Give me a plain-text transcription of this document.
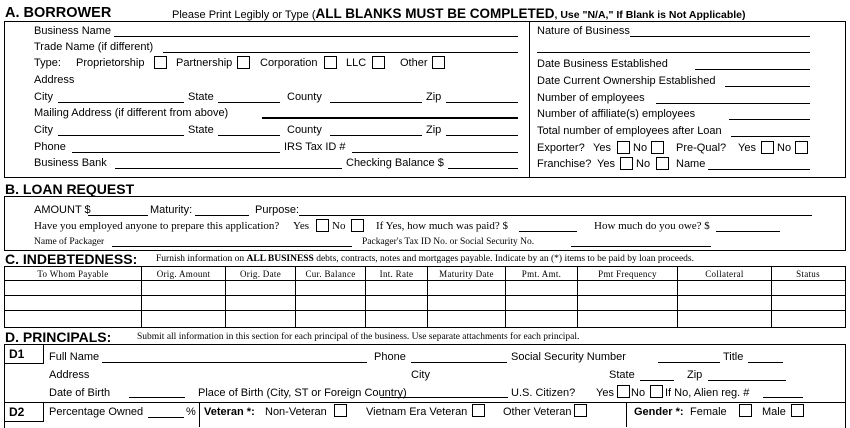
A. BORROWER	Please Print Legibly or Type (ALL BLANKS MUST BE COMPLETED, Use "N/A," If Blank is Not Applicable)
Business Name
Trade Name (if different)
Type: Proprietorship	Partnership	Corporation	LLC	Other
Address
City	State	County	Zip
Mailing Address (if different from above)
City	State	County	Zip
Phone	IRS Tax ID #
Business Bank	Checking Balance $
Nature of Business
Date Business Established
Date Current Ownership Established
Number of employees
Number of affiliate(s) employees
Total number of employees after Loan
Exporter? Yes No	Pre-Qual? Yes No
Franchise? Yes No Name
B. LOAN REQUEST
AMOUNT $	Maturity:	Purpose:
Have you employed anyone to prepare this application? Yes No	If Yes, how much was paid? $	How much do you owe? $
Name of Packager	Packager's Tax ID No. or Social Security No.
C. INDEBTEDNESS: Furnish information on ALL BUSINESS debts, contracts, notes and mortgages payable. Indicate by an (*) items to be paid by loan proceeds.
To Whom Payable	Orig. Amount	Orig. Date	Cur. Balance	Int. Rate	Maturity Date	Pmt. Amt.	Pmt Frequency	Collateral	Status
D. PRINCIPALS:	Submit all information in this section for each principal of the business. Use separate attachments for each principal.
D1 Full Name	Phone	Social Security Number	Title
Address	City	State	Zip
Date of Birth	Place of Birth (City, ST or Foreign Country)	U.S. Citizen? Yes No If No, Alien reg. #
D2 Percentage Owned	% Veteran *: Non-Veteran	Vietnam Era Veteran	Other Veteran	Gender *: Female	Male
